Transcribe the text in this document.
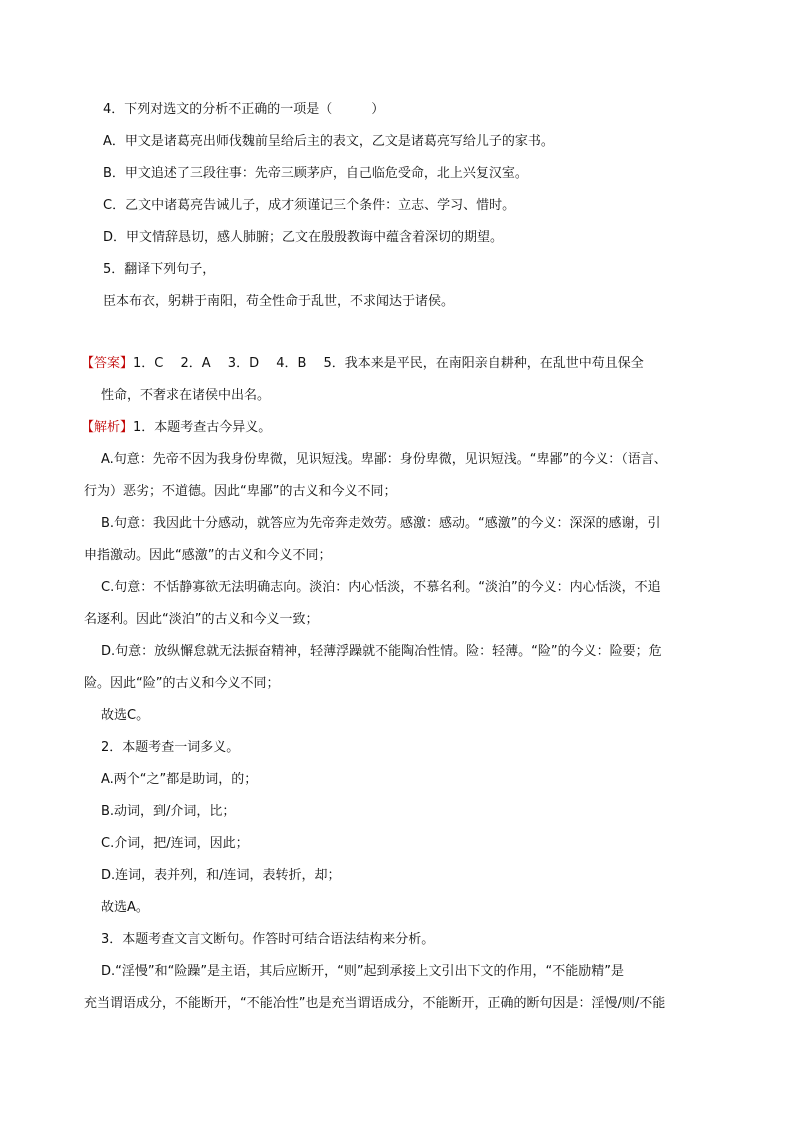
4．下列对选文的分析不正确的一项是（　　　）
A．甲文是诸葛亮出师伐魏前呈给后主的表文，乙文是诸葛亮写给儿子的家书。
B．甲文追述了三段往事：先帝三顾茅庐，自己临危受命，北上兴复汉室。
C．乙文中诸葛亮告诫儿子，成才须谨记三个条件：立志、学习、惜时。
D．甲文情辞恳切，感人肺腑；乙文在殷殷教诲中蕴含着深切的期望。
5．翻译下列句子，
臣本布衣，躬耕于南阳，苟全性命于乱世，不求闻达于诸侯。
【答案】1．C　 2．A　 3．D　 4．B　 5．我本来是平民，在南阳亲自耕种，在乱世中苟且保全
性命，不奢求在诸侯中出名。
【解析】1．本题考查古今异义。
A.句意：先帝不因为我身份卑微，见识短浅。卑鄙：身份卑微，见识短浅。“卑鄙”的今义：（语言、
行为）恶劣；不道德。因此“卑鄙”的古义和今义不同；
B.句意：我因此十分感动，就答应为先帝奔走效劳。感激：感动。“感激”的今义：深深的感谢，引
申指激动。因此“感激”的古义和今义不同；
C.句意：不恬静寡欲无法明确志向。淡泊：内心恬淡，不慕名利。“淡泊”的今义：内心恬淡，不追
名逐利。因此“淡泊”的古义和今义一致；
D.句意：放纵懈怠就无法振奋精神，轻薄浮躁就不能陶冶性情。险：轻薄。“险”的今义：险要；危
险。因此“险”的古义和今义不同；
故选C。
2．本题考查一词多义。
A.两个“之”都是助词，的；
B.动词，到/介词，比；
C.介词，把/连词，因此；
D.连词，表并列，和/连词，表转折，却；
故选A。
3．本题考查文言文断句。作答时可结合语法结构来分析。
D.“淫慢”和“险躁”是主语，其后应断开，“则”起到承接上文引出下文的作用，“不能励精”是
充当谓语成分，不能断开，“不能冶性”也是充当谓语成分，不能断开，正确的断句因是：淫慢/则/不能
